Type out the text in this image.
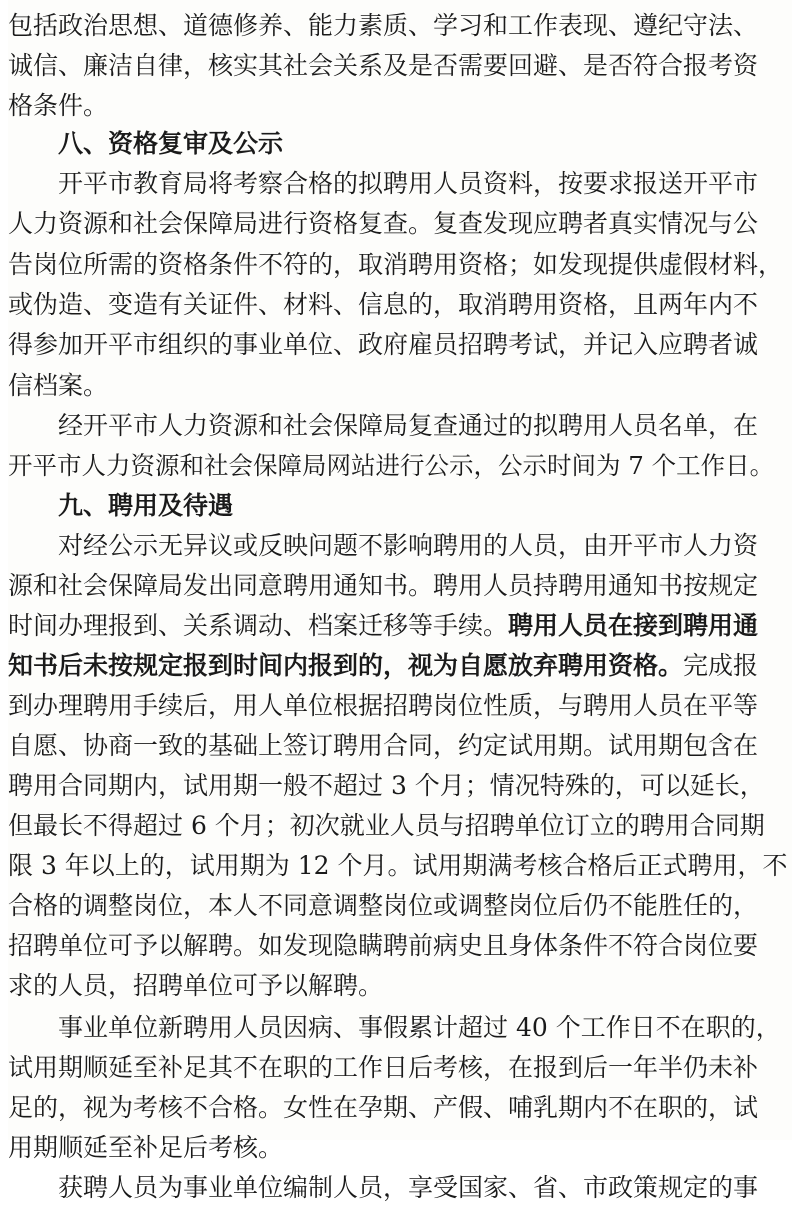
包括政治思想、道德修养、能力素质、学习和工作表现、遵纪守法、
诚信、廉洁自律，核实其社会关系及是否需要回避、是否符合报考资
格条件。
八、资格复审及公示
开平市教育局将考察合格的拟聘用人员资料，按要求报送开平市
人力资源和社会保障局进行资格复查。复查发现应聘者真实情况与公
告岗位所需的资格条件不符的，取消聘用资格；如发现提供虚假材料，
或伪造、变造有关证件、材料、信息的，取消聘用资格，且两年内不
得参加开平市组织的事业单位、政府雇员招聘考试，并记入应聘者诚
信档案。
经开平市人力资源和社会保障局复查通过的拟聘用人员名单，在
开平市人力资源和社会保障局网站进行公示，公示时间为 7 个工作日。
九、聘用及待遇
对经公示无异议或反映问题不影响聘用的人员，由开平市人力资
源和社会保障局发出同意聘用通知书。聘用人员持聘用通知书按规定
时间办理报到、关系调动、档案迁移等手续。聘用人员在接到聘用通
知书后未按规定报到时间内报到的，视为自愿放弃聘用资格。完成报
到办理聘用手续后，用人单位根据招聘岗位性质，与聘用人员在平等
自愿、协商一致的基础上签订聘用合同，约定试用期。试用期包含在
聘用合同期内，试用期一般不超过 3 个月；情况特殊的，可以延长，
但最长不得超过 6 个月；初次就业人员与招聘单位订立的聘用合同期
限 3 年以上的，试用期为 12 个月。试用期满考核合格后正式聘用，不
合格的调整岗位，本人不同意调整岗位或调整岗位后仍不能胜任的，
招聘单位可予以解聘。如发现隐瞒聘前病史且身体条件不符合岗位要
求的人员，招聘单位可予以解聘。
事业单位新聘用人员因病、事假累计超过 40 个工作日不在职的，
试用期顺延至补足其不在职的工作日后考核，在报到后一年半仍未补
足的，视为考核不合格。女性在孕期、产假、哺乳期内不在职的，试
用期顺延至补足后考核。
获聘人员为事业单位编制人员，享受国家、省、市政策规定的事
